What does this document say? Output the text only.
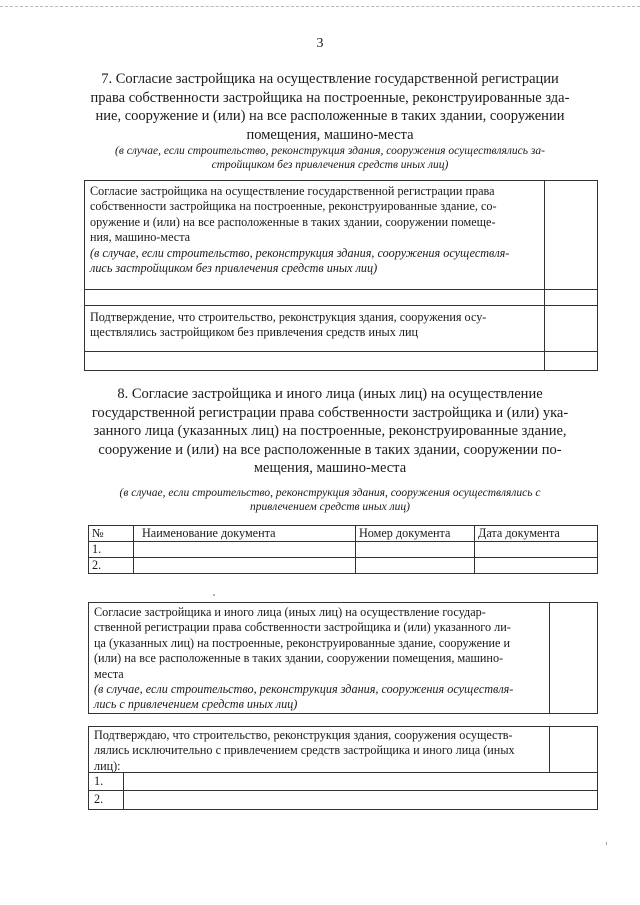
3
7. Согласие застройщика на осуществление государственной регистрации
права собственности застройщика на построенные, реконструированные зда-
ние, сооружение и (или) на все расположенные в таких здании, сооружении
помещения, машино-места
(в случае, если строительство, реконструкция здания, сооружения осуществлялись за-
стройщиком без привлечения средств иных лиц)
Согласие застройщика на осуществление государственной регистрации права
собственности застройщика на построенные, реконструированные здание, со-
оружение и (или) на все расположенные в таких здании, сооружении помеще-
ния, машино-места
(в случае, если строительство, реконструкция здания, сооружения осуществля-
лись застройщиком без привлечения средств иных лиц)
Подтверждение, что строительство, реконструкция здания, сооружения осу-
ществлялись застройщиком без привлечения средств иных лиц
8. Согласие застройщика и иного лица (иных лиц) на осуществление
государственной регистрации права собственности застройщика и (или) ука-
занного лица (указанных лиц) на построенные, реконструированные здание,
сооружение и (или) на все расположенные в таких здании, сооружении по-
мещения, машино-места
(в случае, если строительство, реконструкция здания, сооружения осуществлялись с
привлечением средств иных лиц)
№	Наименование документа	Номер документа	Дата документа
1.			
2.			
Согласие застройщика и иного лица (иных лиц) на осуществление государ-
ственной регистрации права собственности застройщика и (или) указанного ли-
ца (указанных лиц) на построенные, реконструированные здание, сооружение и
(или) на все расположенные в таких здании, сооружении помещения, машино-
места
(в случае, если строительство, реконструкция здания, сооружения осуществля-
лись с привлечением средств иных лиц)
Подтверждаю, что строительство, реконструкция здания, сооружения осуществ-
лялись исключительно с привлечением средств застройщика и иного лица (иных
лиц):
1.
2.
